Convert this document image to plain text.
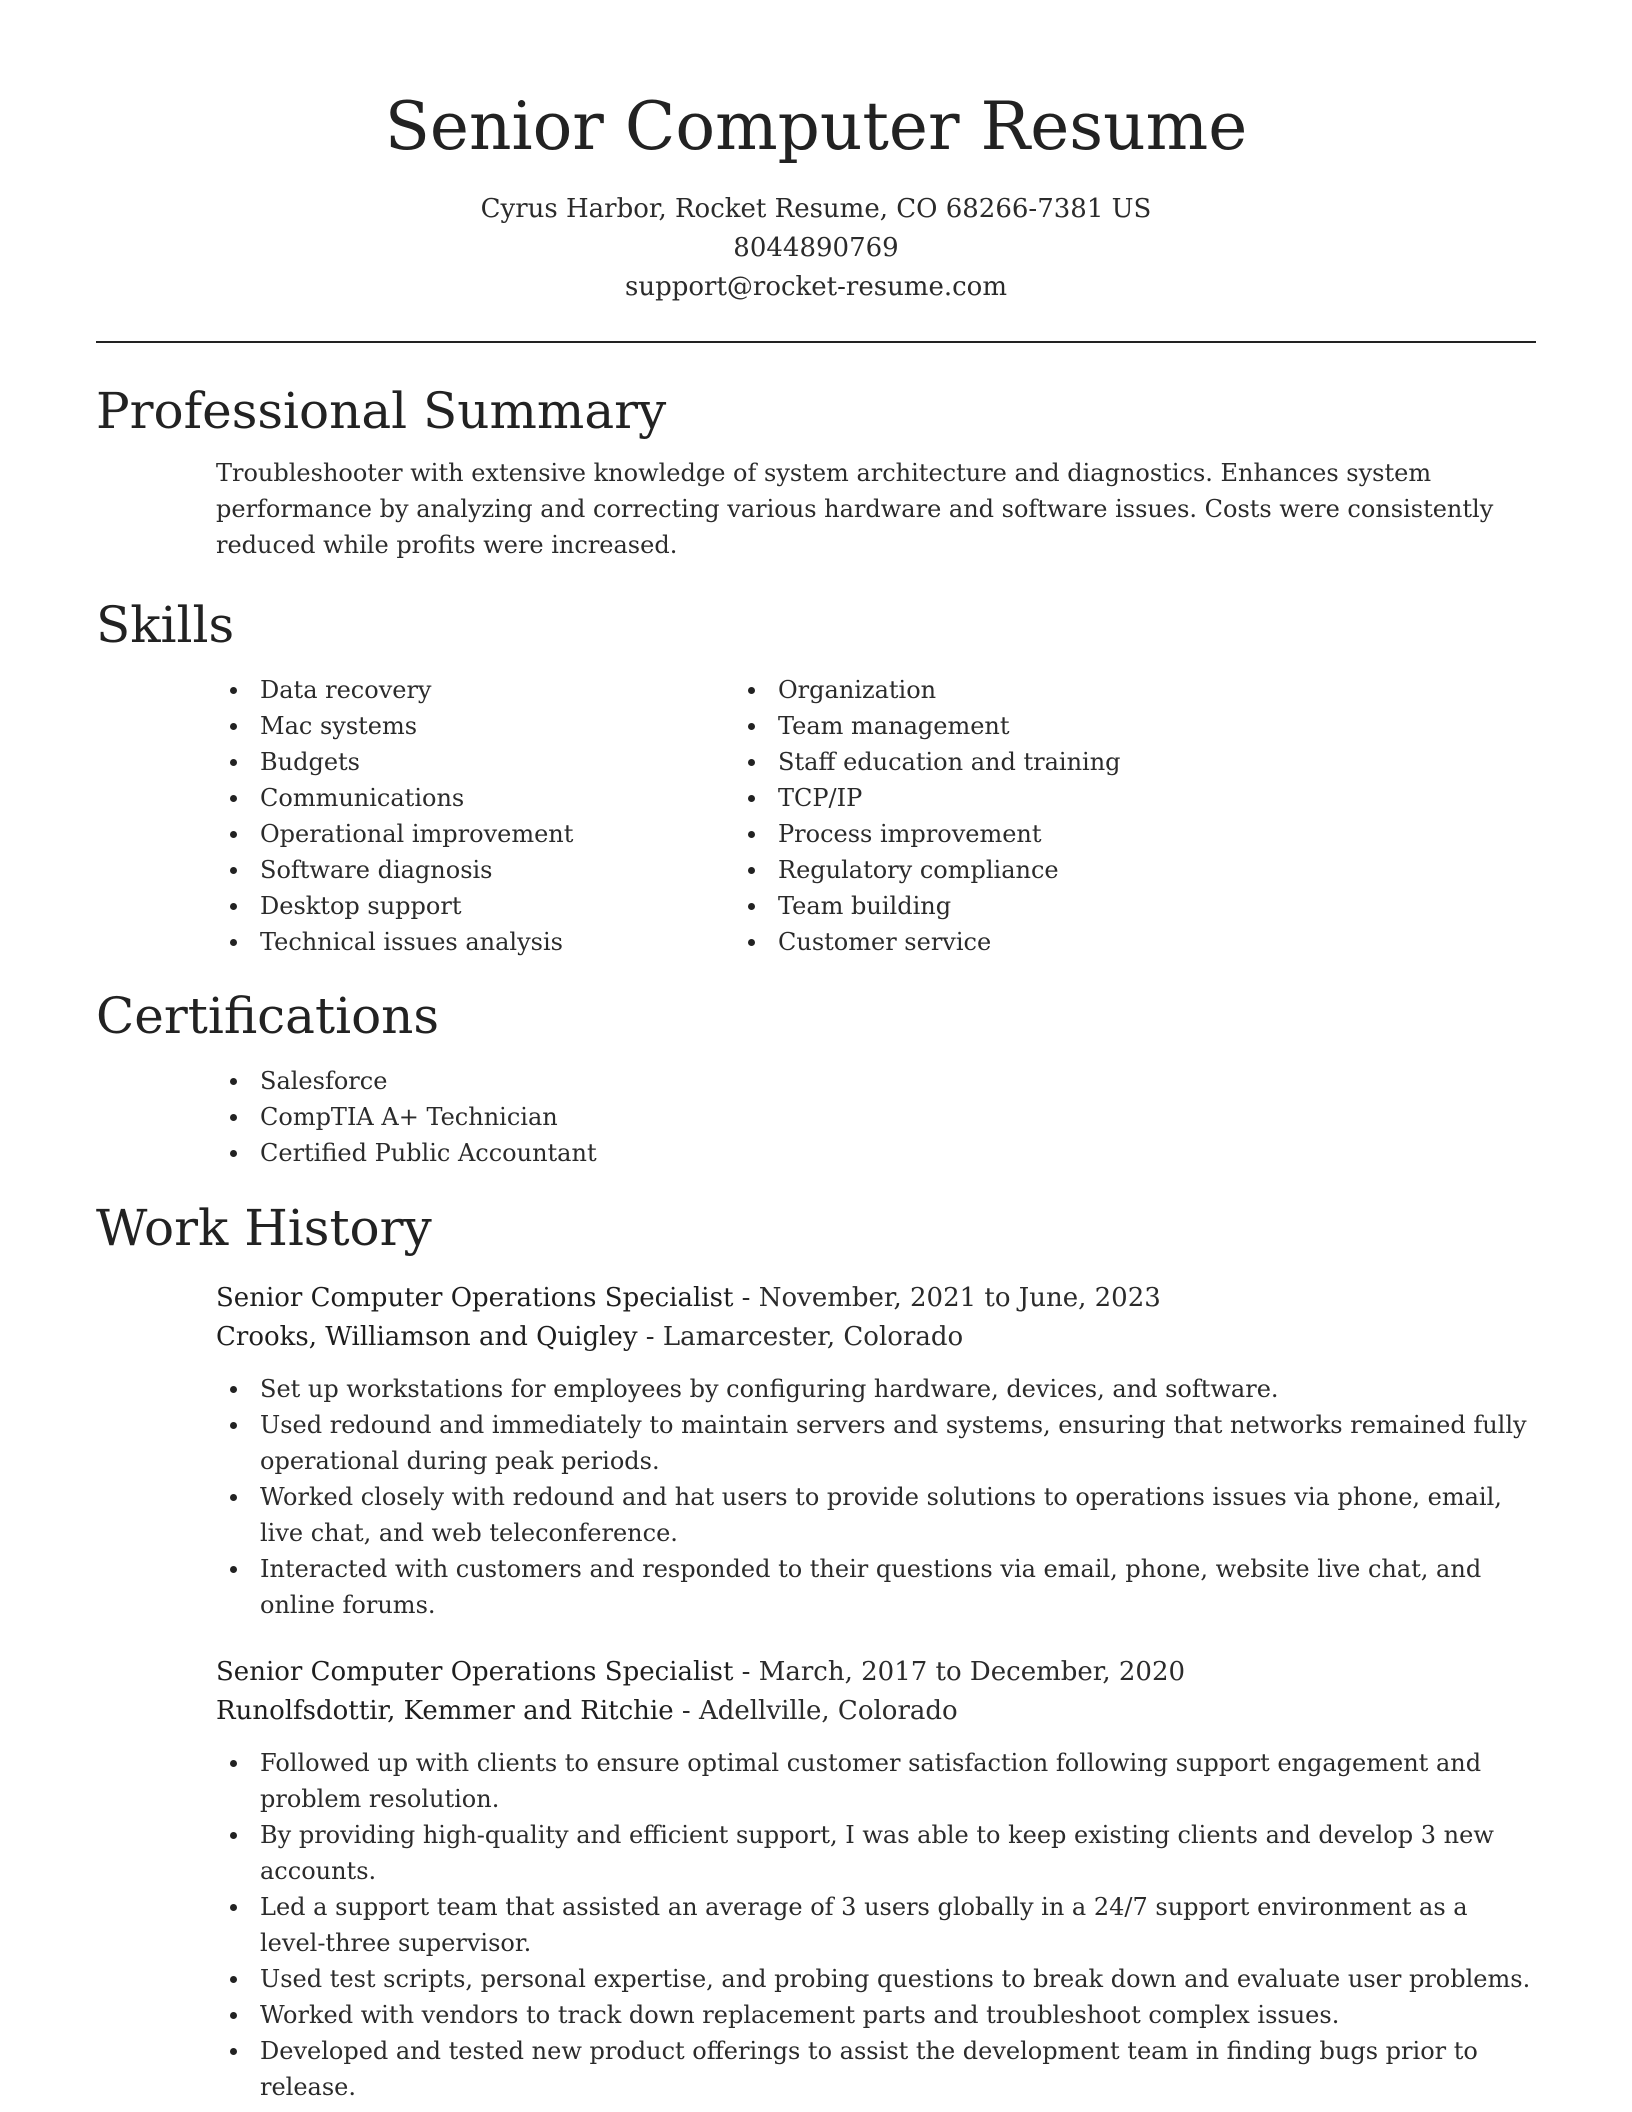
Senior Computer Resume
Cyrus Harbor, Rocket Resume, CO 68266-7381 US
8044890769
support@rocket-resume.com
Professional Summary

Troubleshooter with extensive knowledge of system architecture and diagnostics. Enhances system performance by analyzing and correcting various hardware and software issues. Costs were consistently reduced while profits were increased.

Skills
Data recovery
Mac systems
Budgets
Communications
Operational improvement
Software diagnosis
Desktop support
Technical issues analysis
Organization
Team management
Staff education and training
TCP/IP
Process improvement
Regulatory compliance
Team building
Customer service
Certifications
Salesforce
CompTIA A+ Technician
Certified Public Accountant
Work History
Senior Computer Operations Specialist - November, 2021 to June, 2023
Crooks, Williamson and Quigley - Lamarcester, Colorado
Set up workstations for employees by configuring hardware, devices, and software.
Used redound and immediately to maintain servers and systems, ensuring that networks remained fully operational during peak periods.
Worked closely with redound and hat users to provide solutions to operations issues via phone, email, live chat, and web teleconference.
Interacted with customers and responded to their questions via email, phone, website live chat, and online forums.
Senior Computer Operations Specialist - March, 2017 to December, 2020
Runolfsdottir, Kemmer and Ritchie - Adellville, Colorado
Followed up with clients to ensure optimal customer satisfaction following support engagement and problem resolution.
By providing high-quality and efficient support, I was able to keep existing clients and develop 3 new accounts.
Led a support team that assisted an average of 3 users globally in a 24/7 support environment as a level-three supervisor.
Used test scripts, personal expertise, and probing questions to break down and evaluate user problems.
Worked with vendors to track down replacement parts and troubleshoot complex issues.
Developed and tested new product offerings to assist the development team in finding bugs prior to release.
